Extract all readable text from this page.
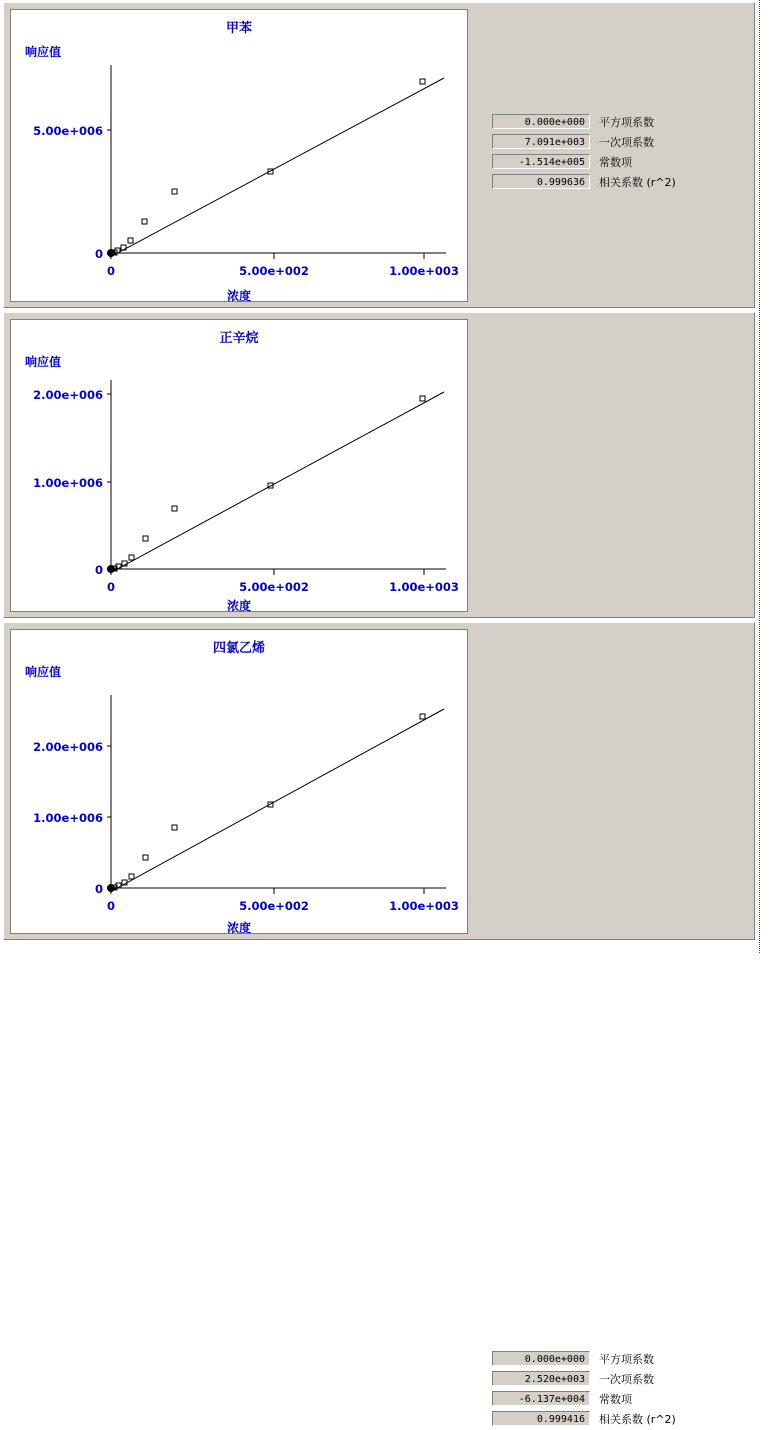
甲苯
响应值
0
5.00e+006
0	5.00e+002	1.00e+003
浓度
0.000e+000	平方项系数
7.091e+003	一次项系数
-1.514e+005	常数项
0.999636	相关系数 (r^2)
正辛烷
响应值
0
1.00e+006
2.00e+006
0	5.00e+002	1.00e+003
浓度
四氯乙烯
响应值
0
1.00e+006
2.00e+006
0	5.00e+002	1.00e+003
浓度
0.000e+000	平方项系数
2.520e+003	一次项系数
-6.137e+004	常数项
0.999416	相关系数 (r^2)
